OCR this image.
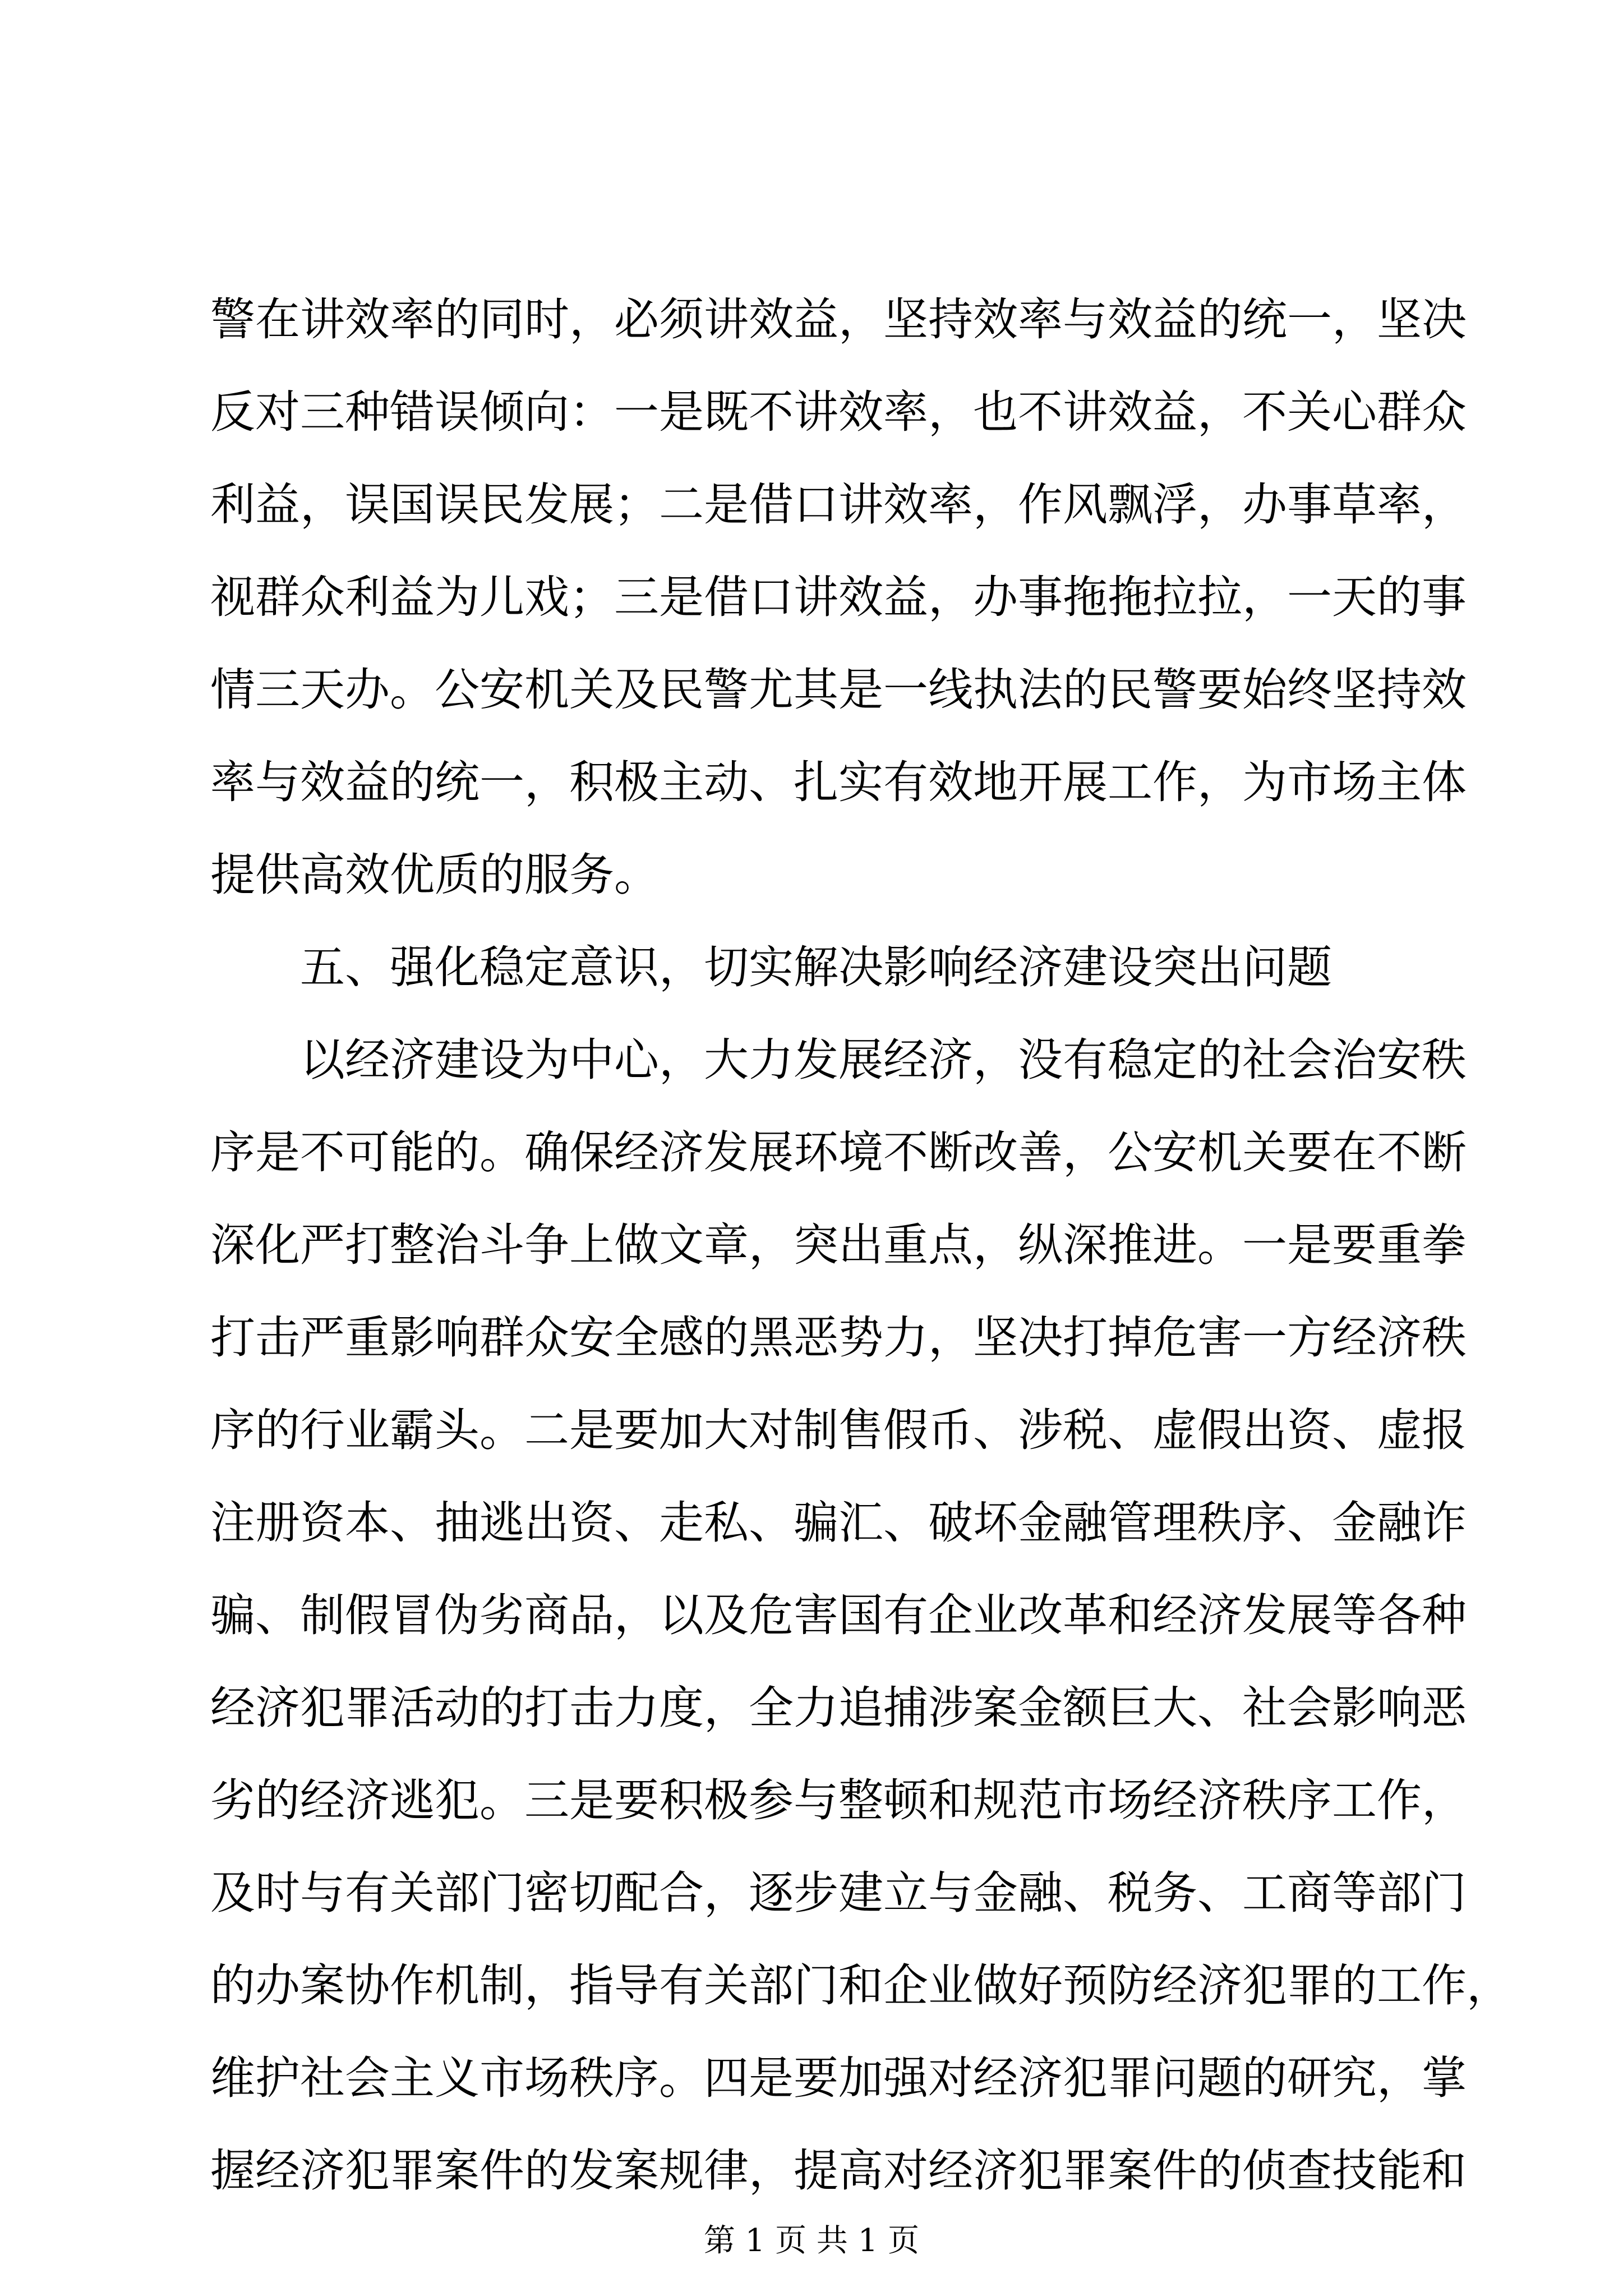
警在讲效率的同时，必须讲效益，坚持效率与效益的统一，坚决
反对三种错误倾向：一是既不讲效率，也不讲效益，不关心群众
利益，误国误民发展；二是借口讲效率，作风飘浮，办事草率，
视群众利益为儿戏；三是借口讲效益，办事拖拖拉拉，一天的事
情三天办。公安机关及民警尤其是一线执法的民警要始终坚持效
率与效益的统一，积极主动、扎实有效地开展工作，为市场主体
提供高效优质的服务。
五、强化稳定意识，切实解决影响经济建设突出问题
以经济建设为中心，大力发展经济，没有稳定的社会治安秩
序是不可能的。确保经济发展环境不断改善，公安机关要在不断
深化严打整治斗争上做文章，突出重点，纵深推进。一是要重拳
打击严重影响群众安全感的黑恶势力，坚决打掉危害一方经济秩
序的行业霸头。二是要加大对制售假币、涉税、虚假出资、虚报
注册资本、抽逃出资、走私、骗汇、破坏金融管理秩序、金融诈
骗、制假冒伪劣商品，以及危害国有企业改革和经济发展等各种
经济犯罪活动的打击力度，全力追捕涉案金额巨大、社会影响恶
劣的经济逃犯。三是要积极参与整顿和规范市场经济秩序工作，
及时与有关部门密切配合，逐步建立与金融、税务、工商等部门
的办案协作机制，指导有关部门和企业做好预防经济犯罪的工作，
维护社会主义市场秩序。四是要加强对经济犯罪问题的研究，掌
握经济犯罪案件的发案规律，提高对经济犯罪案件的侦查技能和
第 1 页 共 1 页
